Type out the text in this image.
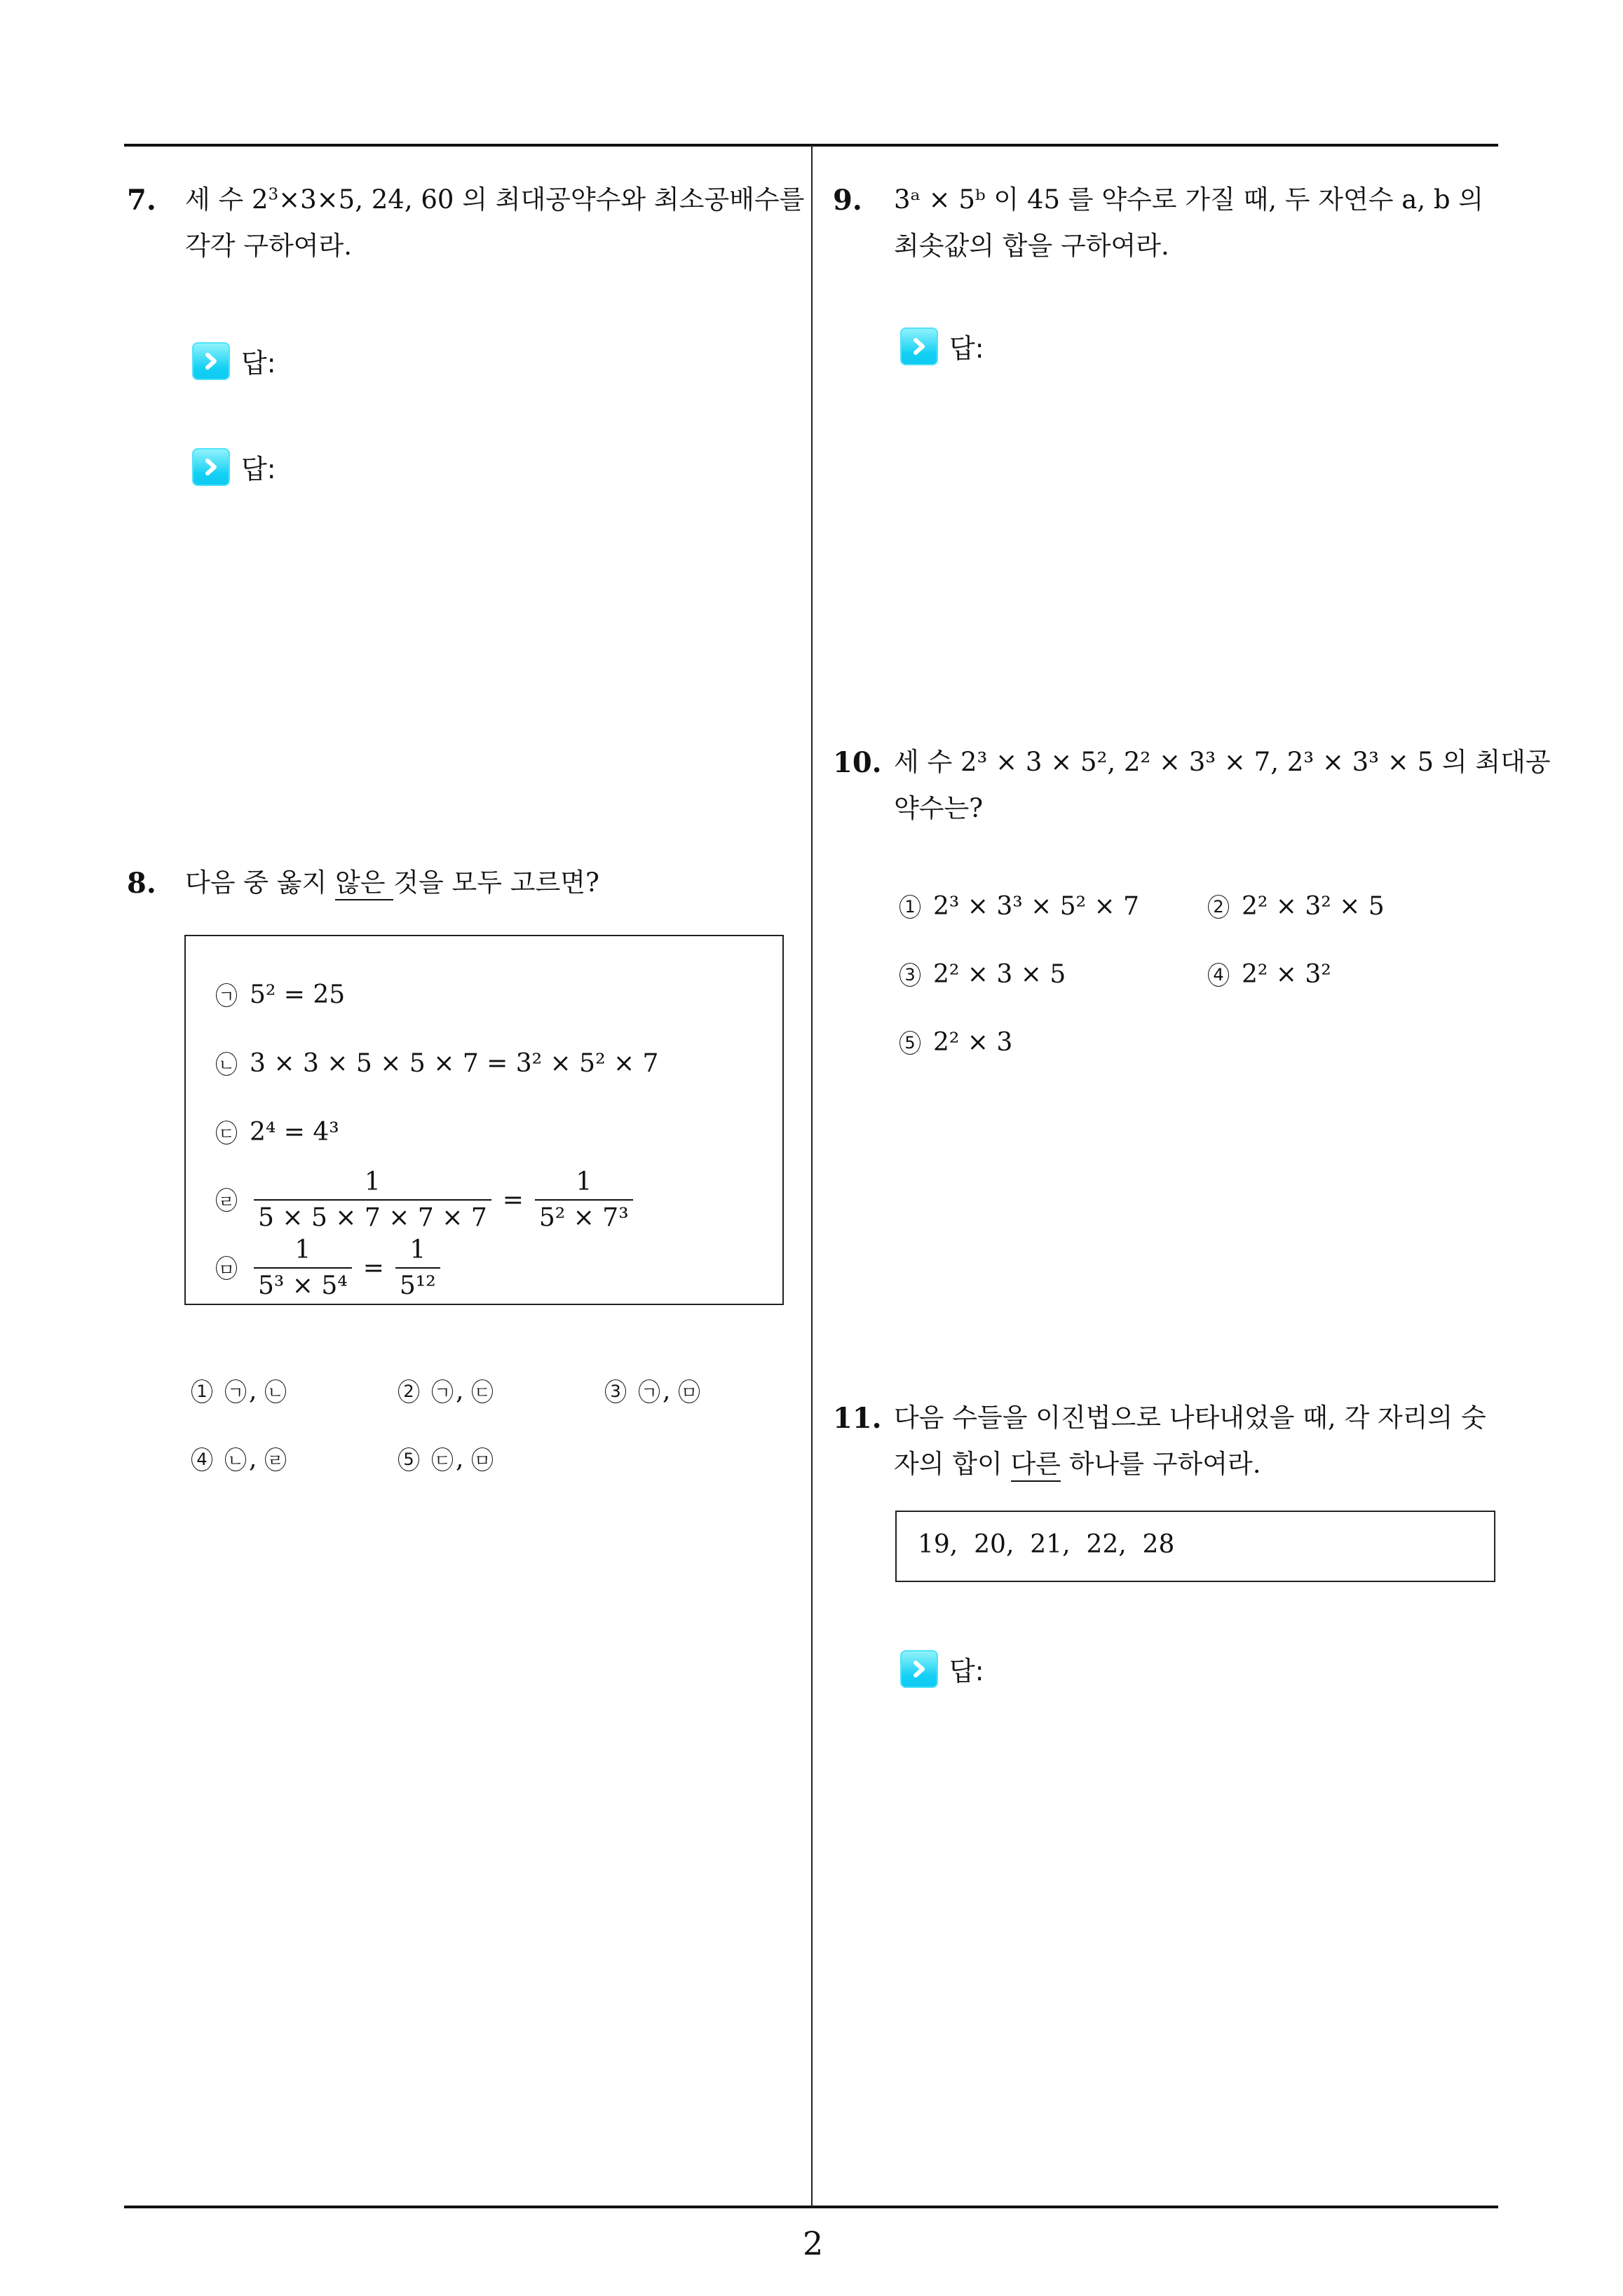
7. 세 수 $2^3\times 3\times 5$, 24, 60 의 최대공약수와 최소공배수를
각각 구하여라.
답:
답:
8. 다음 중 옳지 않은 것을 모두 고르면?
ㄱ 5² = 25
ㄴ 3 × 3 × 5 × 5 × 7 = 3² × 5² × 7
ㄷ 2⁴ = 4³
ㄹ $\frac{1}{5 \times 5 \times 7 \times 7 \times 7} = \frac{1}{\text{5² × 7³}}$
ㅁ $\frac{1}{\text{5³ × 5⁴}} = \frac{1}{\text{5¹²}}$
1	ㄱ , ㄴ	2	ㄱ , ㄷ	3	ㄱ , ㅁ
4	ㄴ , ㄹ	5	ㄷ , ㅁ
9. 3ᵃ × 5ᵇ 이 45 를 약수로 가질 때, 두 자연수 a, b 의
최솟값의 합을 구하여라.
답:
10. 세 수 2³ × 3 × 5², 2² × 3³ × 7, 2³ × 3³ × 5 의 최대공
약수는?
1 2³ × 3³ × 5² × 7	2 2² × 3² × 5
3 2² × 3 × 5	4 2² × 3²
5 2² × 3
11. 다음 수들을 이진법으로 나타내었을 때, 각 자리의 숫
자의 합이 다른 하나를 구하여라.
19,  20,  21,  22,  28
답:
2
